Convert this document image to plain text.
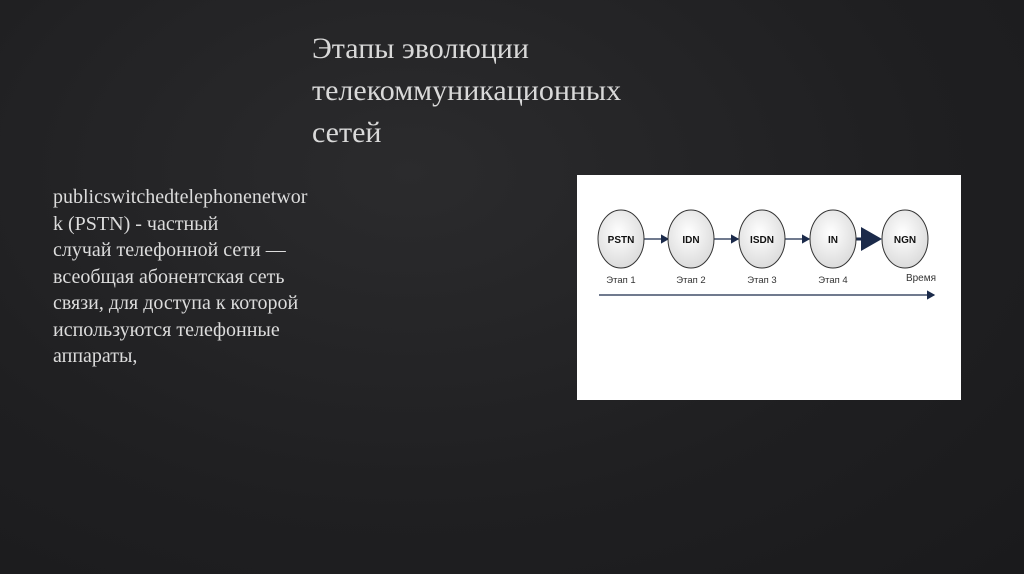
Этапы эволюции
телекоммуникационных
сетей
publicswitchedtelephonenetwor
k (PSTN) - частный
случай телефонной сети —
всеобщая абонентская сеть
связи, для доступа к которой
используются телефонные
аппараты,
PSTN	IDN	ISDN	IN	NGN
Этап 1	Этап 2	Этап 3	Этап 4	Время
